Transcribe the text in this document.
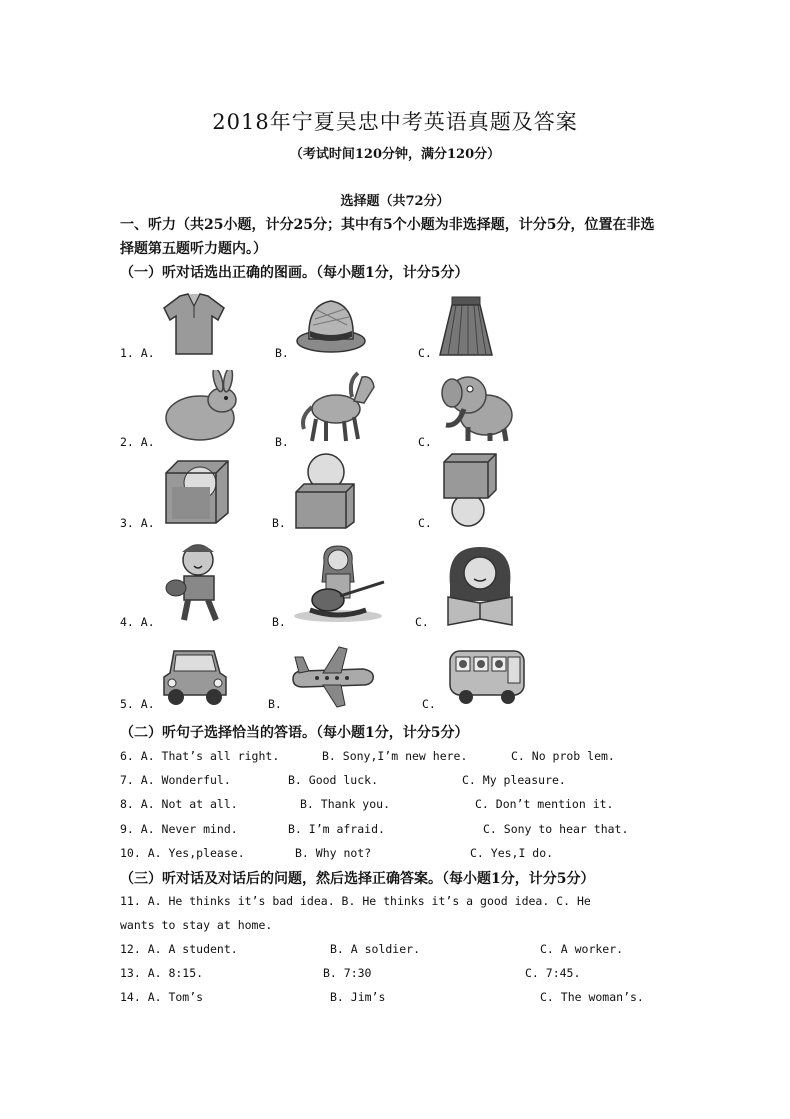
2018年宁夏吴忠中考英语真题及答案
（考试时间120分钟，满分120分）
选择题（共72分）
一、听力（共25小题，计分25分；其中有5个小题为非选择题，计分5分，位置在非选
择题第五题听力题内。）
（一）听对话选出正确的图画。（每小题1分，计分5分）
1. A.	B.	C.
2. A.	B.	C.
3. A.	B.	C.
4. A.	B.	C.
5. A.	B.	C.
（二）听句子选择恰当的答语。（每小题1分，计分5分）
6. A. That’s all right.	B. Sony,I’m new here.	C. No prob lem.
7. A. Wonderful.	B. Good luck.	C. My pleasure.
8. A. Not at all.	B. Thank you.	C. Don’t mention it.
9. A. Never mind.	B. I’m afraid.	C. Sony to hear that.
10. A. Yes,please.	B. Why not?	C. Yes,I do.
（三）听对话及对话后的问题，然后选择正确答案。（每小题1分，计分5分）
11. A. He thinks it’s bad idea. B. He thinks it’s a good idea. C. He
wants to stay at home.
12. A. A student.	B. A soldier.	C. A worker.
13. A. 8:15.	B. 7:30	C. 7:45.
14. A. Tom’s	B. Jim’s	C. The woman’s.
